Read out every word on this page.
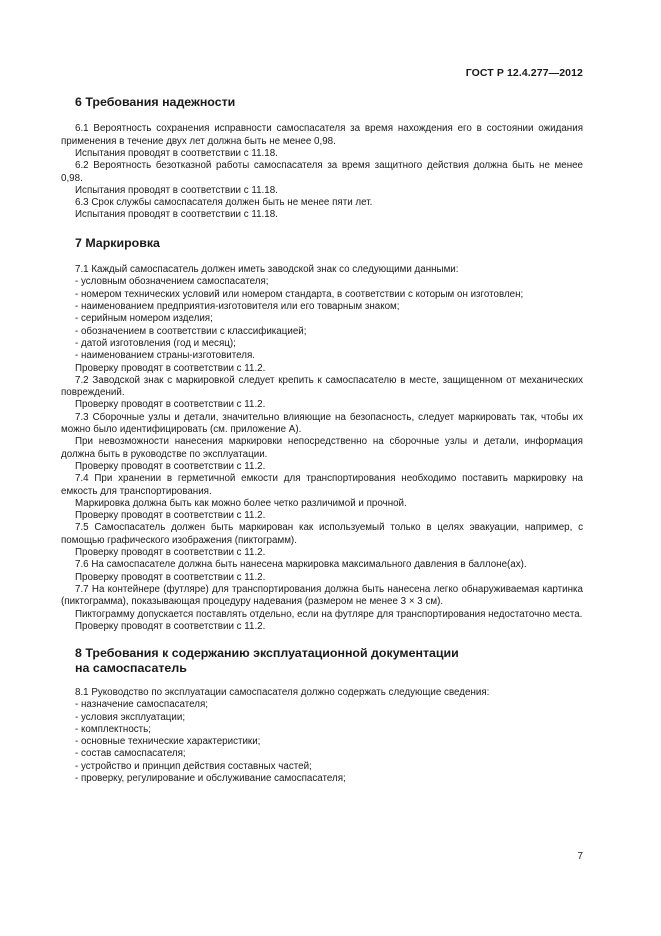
ГОСТ Р 12.4.277—2012
6 Требования надежности

6.1 Вероятность сохранения исправности самоспасателя за время нахождения его в состоянии ожидания применения в течение двух лет должна быть не менее 0,98.

Испытания проводят в соответствии с 11.18.

6.2 Вероятность безотказной работы самоспасателя за время защитного действия должна быть не менее 0,98.

Испытания проводят в соответствии с 11.18.

6.3 Срок службы самоспасателя должен быть не менее пяти лет.

Испытания проводят в соответствии с 11.18.

7 Маркировка

7.1 Каждый самоспасатель должен иметь заводской знак со следующими данными:

- условным обозначением самоспасателя;

- номером технических условий или номером стандарта, в соответствии с которым он изготовлен;

- наименованием предприятия-изготовителя или его товарным знаком;

- серийным номером изделия;

- обозначением в соответствии с классификацией;

- датой изготовления (год и месяц);

- наименованием страны-изготовителя.

Проверку проводят в соответствии с 11.2.

7.2 Заводской знак с маркировкой следует крепить к самоспасателю в месте, защищенном от механических повреждений.

Проверку проводят в соответствии с 11.2.

7.3 Сборочные узлы и детали, значительно влияющие на безопасность, следует маркировать так, чтобы их можно было идентифицировать (см. приложение А).

При невозможности нанесения маркировки непосредственно на сборочные узлы и детали, информация должна быть в руководстве по эксплуатации.

Проверку проводят в соответствии с 11.2.

7.4 При хранении в герметичной емкости для транспортирования необходимо поставить маркировку на емкость для транспортирования.

Маркировка должна быть как можно более четко различимой и прочной.

Проверку проводят в соответствии с 11.2.

7.5 Самоспасатель должен быть маркирован как используемый только в целях эвакуации, например, с помощью графического изображения (пиктограмм).

Проверку проводят в соответствии с 11.2.

7.6 На самоспасателе должна быть нанесена маркировка максимального давления в баллоне(ах).

Проверку проводят в соответствии с 11.2.

7.7 На контейнере (футляре) для транспортирования должна быть нанесена легко обнаруживаемая картинка (пиктограмма), показывающая процедуру надевания (размером не менее 3 × 3 см).

Пиктограмму допускается поставлять отдельно, если на футляре для транспортирования недостаточно места.

Проверку проводят в соответствии с 11.2.

8 Требования к содержанию эксплуатационной документации
на самоспасатель

8.1 Руководство по эксплуатации самоспасателя должно содержать следующие сведения:

- назначение самоспасателя;

- условия эксплуатации;

- комплектность;

- основные технические характеристики;

- состав самоспасателя;

- устройство и принцип действия составных частей;

- проверку, регулирование и обслуживание самоспасателя;

7
